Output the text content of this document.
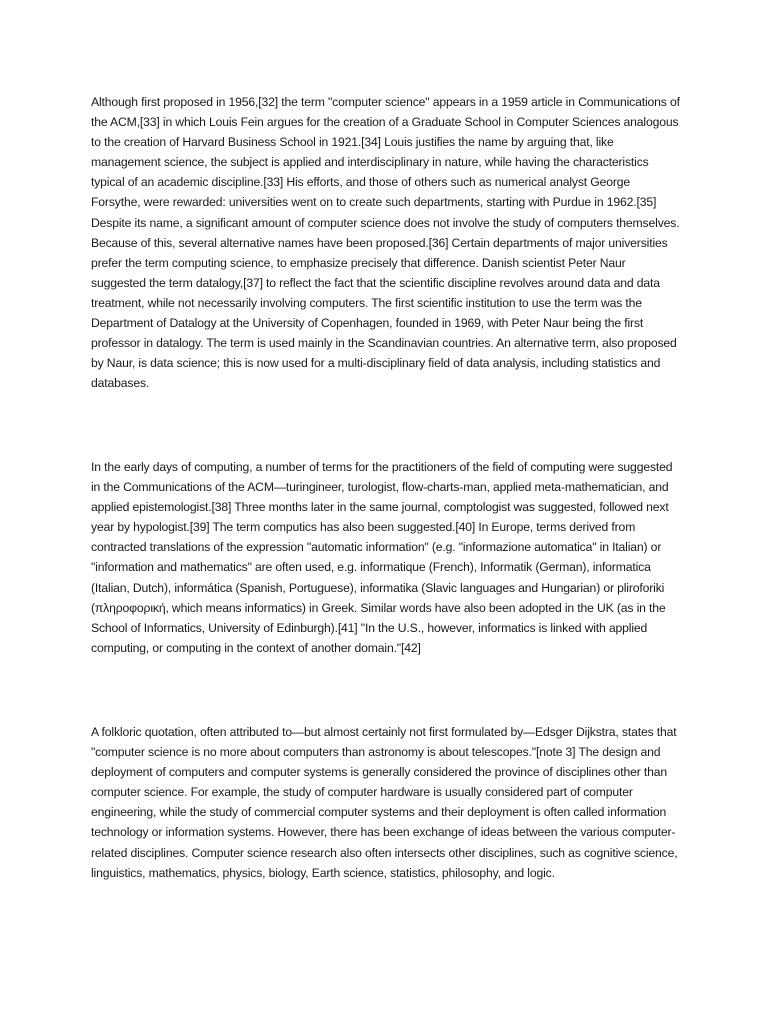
Although first proposed in 1956,[32] the term "computer science" appears in a 1959 article in Communications of the ACM,[33] in which Louis Fein argues for the creation of a Graduate School in Computer Sciences analogous to the creation of Harvard Business School in 1921.[34] Louis justifies the name by arguing that, like management science, the subject is applied and interdisciplinary in nature, while having the characteristics typical of an academic discipline.[33] His efforts, and those of others such as numerical analyst George Forsythe, were rewarded: universities went on to create such departments, starting with Purdue in 1962.[35] Despite its name, a significant amount of computer science does not involve the study of computers themselves. Because of this, several alternative names have been proposed.[36] Certain departments of major universities prefer the term computing science, to emphasize precisely that difference. Danish scientist Peter Naur suggested the term datalogy,[37] to reflect the fact that the scientific discipline revolves around data and data treatment, while not necessarily involving computers. The first scientific institution to use the term was the Department of Datalogy at the University of Copenhagen, founded in 1969, with Peter Naur being the first professor in datalogy. The term is used mainly in the Scandinavian countries. An alternative term, also proposed by Naur, is data science; this is now used for a multi-disciplinary field of data analysis, including statistics and databases.

In the early days of computing, a number of terms for the practitioners of the field of computing were suggested in the Communications of the ACM—turingineer, turologist, flow-charts-man, applied meta-mathematician, and applied epistemologist.[38] Three months later in the same journal, comptologist was suggested, followed next year by hypologist.[39] The term computics has also been suggested.[40] In Europe, terms derived from contracted translations of the expression "automatic information" (e.g. "informazione automatica" in Italian) or "information and mathematics" are often used, e.g. informatique (French), Informatik (German), informatica (Italian, Dutch), informática (Spanish, Portuguese), informatika (Slavic languages and Hungarian) or pliroforiki (πληροφορική, which means informatics) in Greek. Similar words have also been adopted in the UK (as in the School of Informatics, University of Edinburgh).[41] "In the U.S., however, informatics is linked with applied computing, or computing in the context of another domain."[42]

A folkloric quotation, often attributed to—but almost certainly not first formulated by—Edsger Dijkstra, states that "computer science is no more about computers than astronomy is about telescopes."[note 3] The design and deployment of computers and computer systems is generally considered the province of disciplines other than computer science. For example, the study of computer hardware is usually considered part of computer engineering, while the study of commercial computer systems and their deployment is often called information technology or information systems. However, there has been exchange of ideas between the various computer-related disciplines. Computer science research also often intersects other disciplines, such as cognitive science, linguistics, mathematics, physics, biology, Earth science, statistics, philosophy, and logic.
